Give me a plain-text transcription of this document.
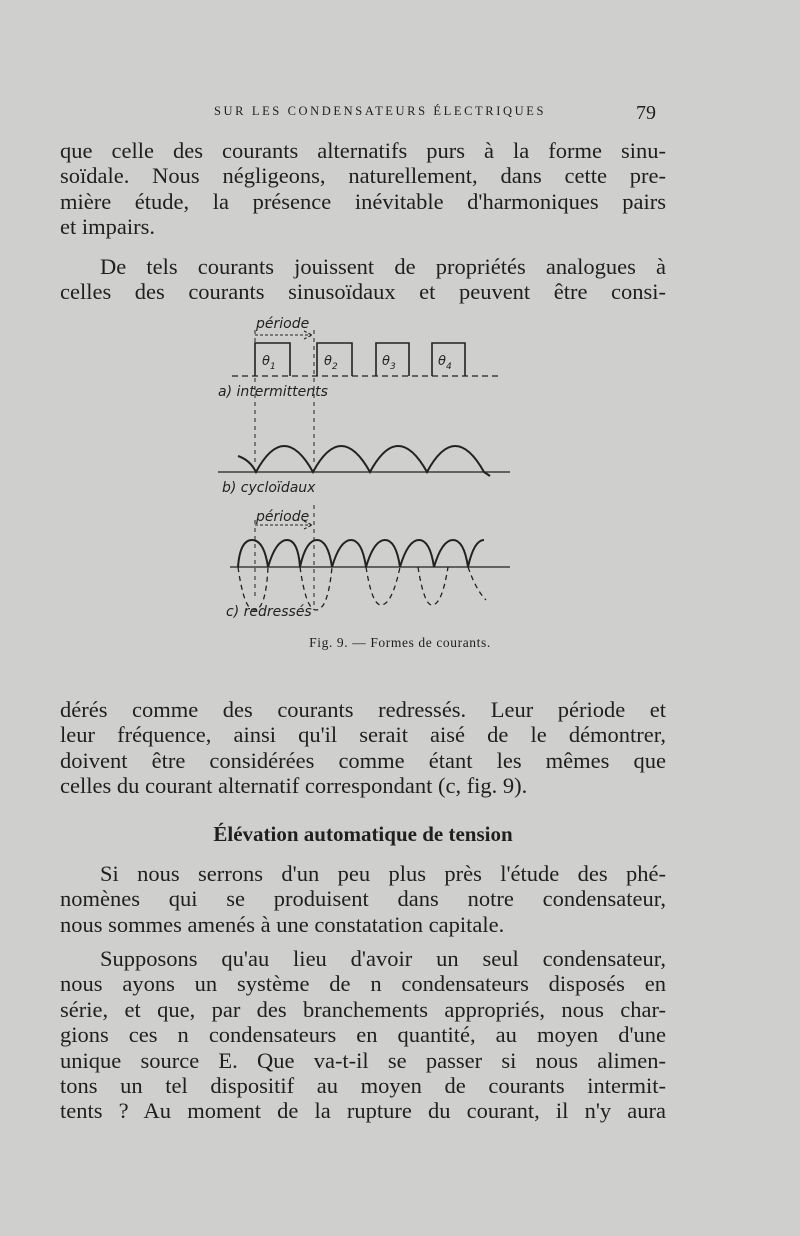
SUR LES CONDENSATEURS ÉLECTRIQUES	79
que celle des courants alternatifs purs à la forme sinu-
soïdale. Nous négligeons, naturellement, dans cette pre-
mière étude, la présence inévitable d'harmoniques pairs
et impairs.
De tels courants jouissent de propriétés analogues à
celles des courants sinusoïdaux et peuvent être consi-
$\theta_1$	$\theta_2$	$\theta_3$	$\theta_4$
période
a) intermittents
b) cycloïdaux
période
c) redressés
Fig. 9. — Formes de courants.
dérés comme des courants redressés. Leur période et
leur fréquence, ainsi qu'il serait aisé de le démontrer,
doivent être considérées comme étant les mêmes que
celles du courant alternatif correspondant (c, fig. 9).
Élévation automatique de tension
Si nous serrons d'un peu plus près l'étude des phé-
nomènes qui se produisent dans notre condensateur,
nous sommes amenés à une constatation capitale.
Supposons qu'au lieu d'avoir un seul condensateur,
nous ayons un système de n condensateurs disposés en
série, et que, par des branchements appropriés, nous char-
gions ces n condensateurs en quantité, au moyen d'une
unique source E. Que va-t-il se passer si nous alimen-
tons un tel dispositif au moyen de courants intermit-
tents ? Au moment de la rupture du courant, il n'y aura
